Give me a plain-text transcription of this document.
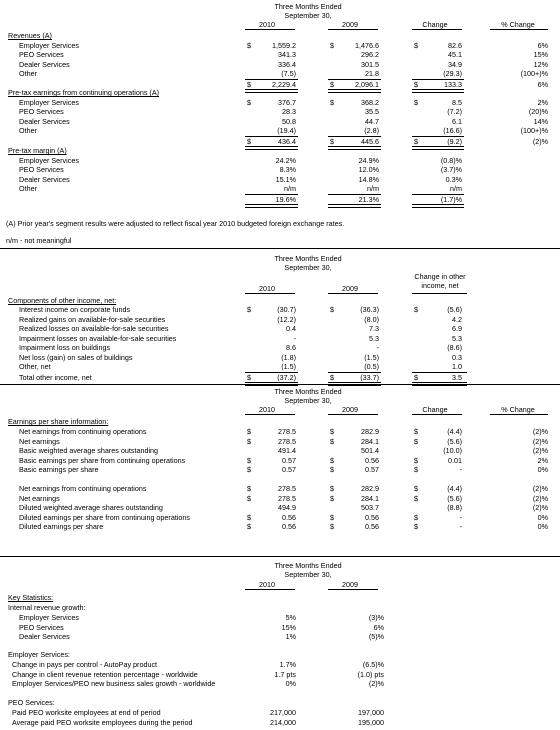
Three Months Ended
September 30,
2010	2009	Change	% Change
Revenues (A)
Employer Services	$	1,559.2	$	1,476.6	$	82.6	6%
PEO Services	341.3	296.2	45.1	15%
Dealer Services	336.4	301.5	34.9	12%
Other	(7.5)	21.8	(29.3)	(100+)%
$	2,229.4	$	2,096.1	$	133.3	6%
Pre-tax earnings from continuing operations (A)
Employer Services	$	376.7	$	368.2	$	8.5	2%
PEO Services	28.3	35.5	(7.2)	(20)%
Dealer Services	50.8	44.7	6.1	14%
Other	(19.4)	(2.8)	(16.6)	(100+)%
$	436.4	$	445.6	$	(9.2)	(2)%
Pre-tax margin (A)
Employer Services	24.2%	24.9%	(0.8)%
PEO Services	8.3%	12.0%	(3.7)%
Dealer Services	15.1%	14.8%	0.3%
Other	n/m	n/m	n/m
19.6%	21.3%	(1.7)%
(A) Prior year's segment results were adjusted to reflect fiscal year 2010 budgeted foreign exchange rates.
n/m - not meaningful
Three Months Ended
September 30,
Change in other
income, net
2010	2009
Components of other income, net:
Interest income on corporate funds	$	(30.7)	$	(36.3)	$	(5.6)
Realized gains on available-for-sale securities	(12.2)	(8.0)	4.2
Realized losses on available-for-sale securities	0.4	7.3	6.9
Impairment losses on available-for-sale securities	-	5.3	5.3
Impairment loss on buildings	8.6	-	(8.6)
Net loss (gain) on sales of buildings	(1.8)	(1.5)	0.3
Other, net	(1.5)	(0.5)	1.0
Total other income, net	$	(37.2)	$	(33.7)	$	3.5
Three Months Ended
September 30,
2010	2009	Change	% Change
Earnings per share information:
Net earnings from continuing operations	$	278.5	$	282.9	$	(4.4)	(2)%
Net earnings	$	278.5	$	284.1	$	(5.6)	(2)%
Basic weighted average shares outstanding	491.4	501.4	(10.0)	(2)%
Basic earnings per share from continuing operations	$	0.57	$	0.56	$	0.01	2%
Basic earnings per share	$	0.57	$	0.57	$	-	0%
Net earnings from continuing operations	$	278.5	$	282.9	$	(4.4)	(2)%
Net earnings	$	278.5	$	284.1	$	(5.6)	(2)%
Diluted weighted average shares outstanding	494.9	503.7	(8.8)	(2)%
Diluted earnings per share from continuing operations	$	0.56	$	0.56	$	-	0%
Diluted earnings per share	$	0.56	$	0.56	$	-	0%
Three Months Ended
September 30,
2010	2009
Key Statistics:
Internal revenue growth:
Employer Services	5%	(3)%
PEO Services	15%	6%
Dealer Services	1%	(5)%
Employer Services:
Change in pays per control - AutoPay product	1.7%	(6.5)%
Change in client revenue retention percentage - worldwide	1.7 pts	(1.0) pts
Employer Services/PEO new business sales growth - worldwide	0%	(2)%
PEO Services:
Paid PEO worksite employees at end of period	217,000	197,000
Average paid PEO worksite employees during the period	214,000	195,000
